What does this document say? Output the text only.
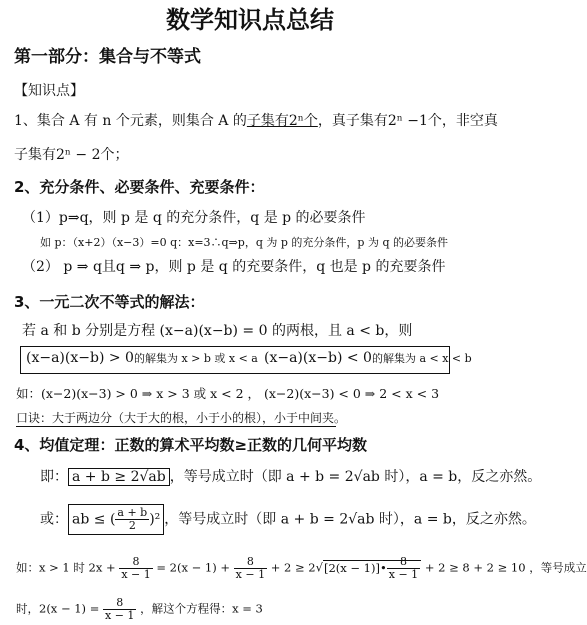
数学知识点总结
第一部分：集合与不等式
【知识点】
1、集合 A 有 n 个元素，则集合 A 的子集有2ⁿ个，真子集有2ⁿ −1个，非空真
子集有2ⁿ − 2个；
2、充分条件、必要条件、充要条件：
（1）p⇒q，则 p 是 q 的充分条件，q 是 p 的必要条件
如 p：（x+2）（x−3）=0 q：x=3∴q⇒p，q 为 p 的充分条件，p 为 q 的必要条件
（2） p ⇒ q且q ⇒ p，则 p 是 q 的充要条件，q 也是 p 的充要条件
3、一元二次不等式的解法：
若 a 和 b 分别是方程 (x−a)(x−b) = 0 的两根，且 a < b，则
(x−a)(x−b) > 0的解集为 x > b 或 x < a (x−a)(x−b) < 0的解集为 a < x < b
如：(x−2)(x−3) > 0 ⇒ x > 3 或 x < 2 ， (x−2)(x−3) < 0 ⇒ 2 < x < 3
口诀：大于两边分（大于大的根，小于小的根），小于中间夹。
4、均值定理：正数的算术平均数≥正数的几何平均数
即： a + b ≥ 2√ab ，等号成立时（即 a + b = 2√ab 时），a = b，反之亦然。
或： ab ≤ ( $\frac{a + b}{2} )^2$ ，等号成立时（即 a + b = 2√ab 时），a = b，反之亦然。
如：x > 1 时 $2x + \frac{8}{x - 1} = 2(x - 1) + \frac{8}{x - 1} + 2 \ge 2√[2(x$ − 1)]• $\frac{8}{x - 1} + 2 \ge 8 + 2 \ge 10$ ，等号成立
时，$2(x - 1) = \frac{8}{x - 1}$ ，解这个方程得：x = 3
